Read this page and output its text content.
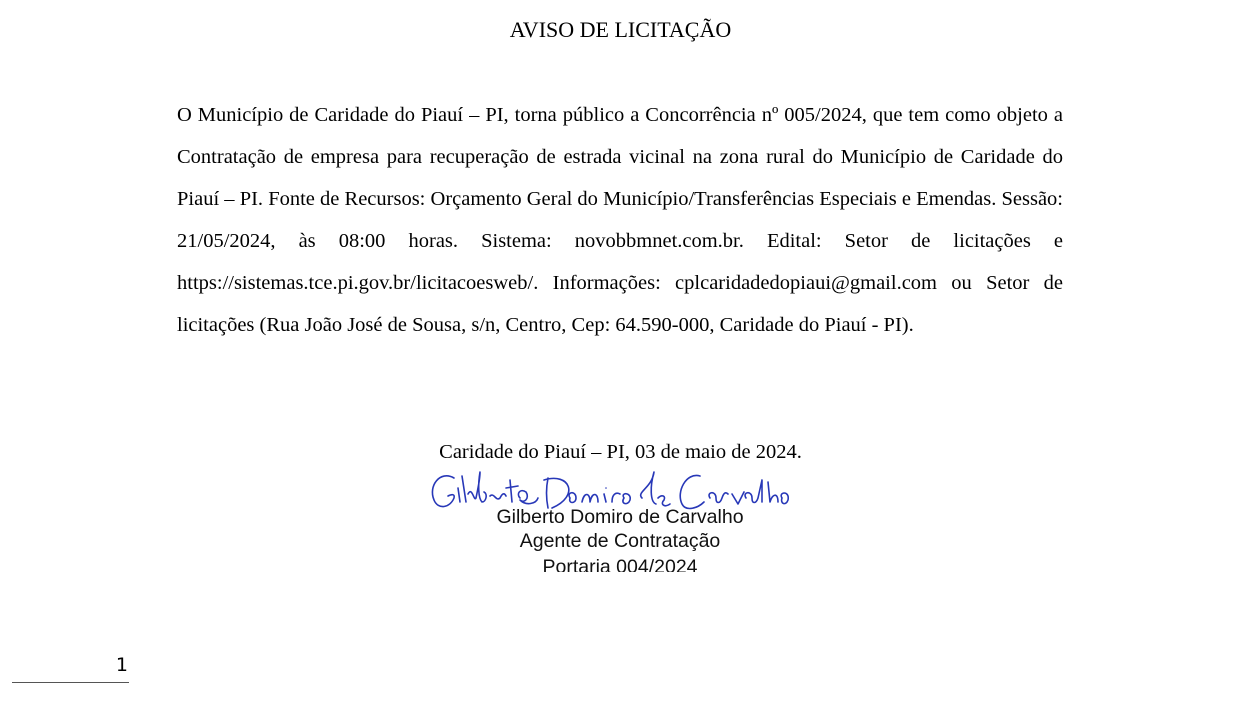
AVISO DE LICITAÇÃO

O Município de Caridade do Piauí – PI, torna público a Concorrência nº 005/2024, que tem como objeto a Contratação de empresa para recuperação de estrada vicinal na zona rural do Município de Caridade do Piauí – PI. Fonte de Recursos: Orçamento Geral do Município/Transferências Especiais e Emendas. Sessão: 21/05/2024, às 08:00 horas. Sistema: novobbmnet.com.br. Edital: Setor de licitações e https://sistemas.tce.pi.gov.br/licitacoesweb/. Informações: cplcaridadedopiaui@gmail.com ou Setor de licitações (Rua João José de Sousa, s/n, Centro, Cep: 64.590-000, Caridade do Piauí - PI).

Caridade do Piauí – PI, 03 de maio de 2024.
Gilberto Domiro de Carvalho
Agente de Contratação
Portaria 004/2024
1
